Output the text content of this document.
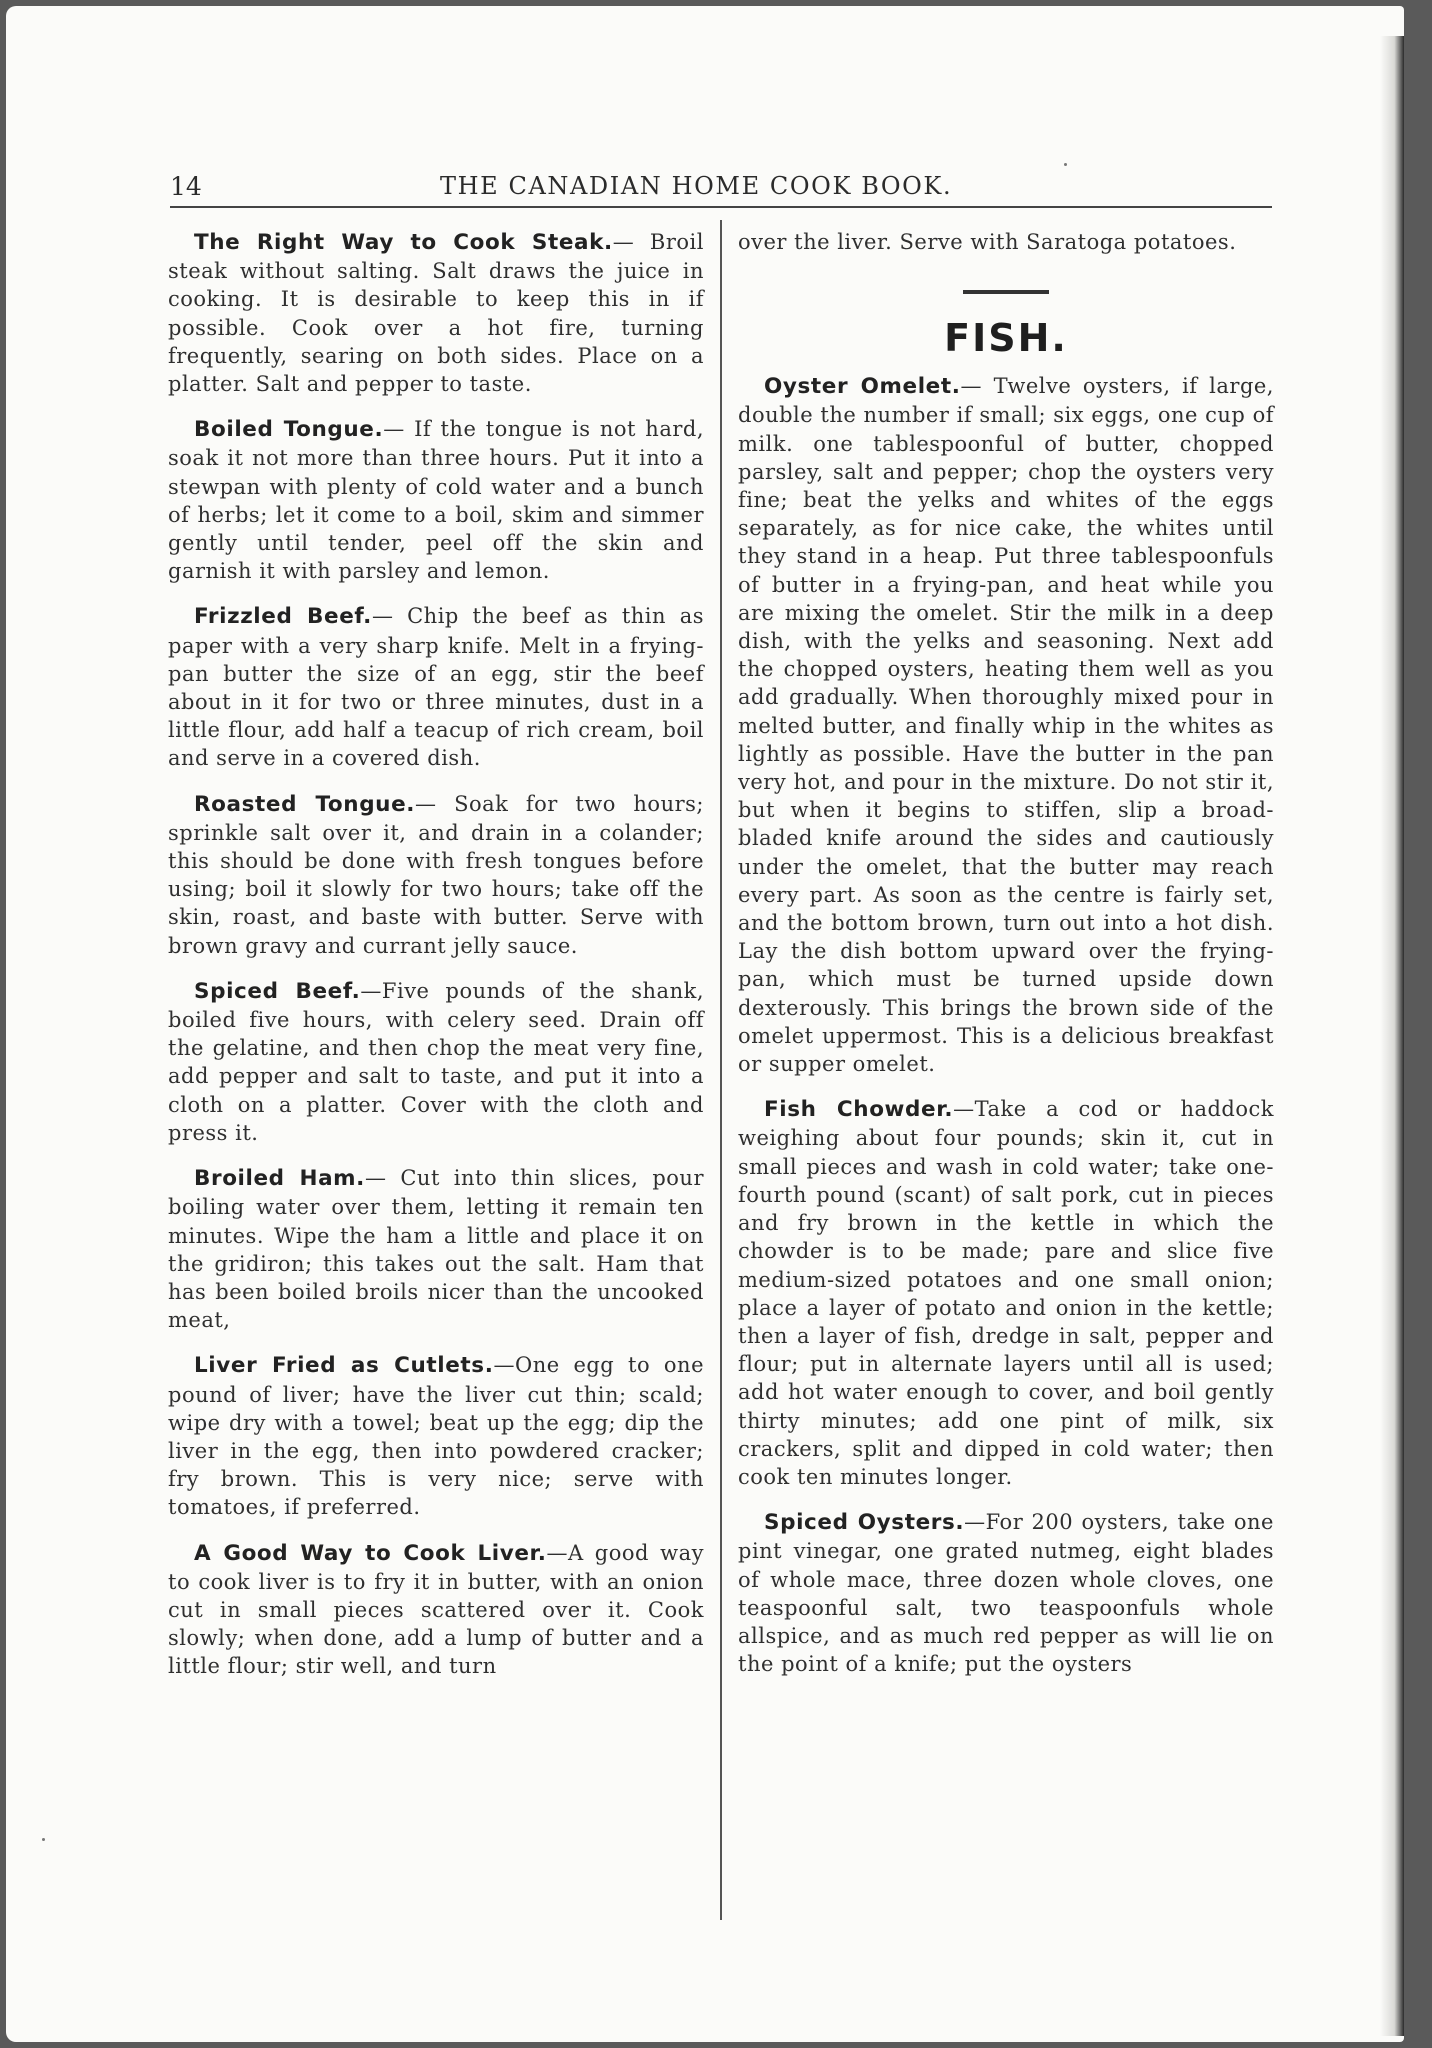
14	THE CANADIAN HOME COOK BOOK.

The Right Way to Cook Steak.— Broil steak without salting. Salt draws the juice in cooking. It is desirable to keep this in if possible. Cook over a hot fire, turning frequently, searing on both sides. Place on a platter. Salt and pepper to taste.

Boiled Tongue.— If the tongue is not hard, soak it not more than three hours. Put it into a stewpan with plenty of cold water and a bunch of herbs; let it come to a boil, skim and simmer gently until tender, peel off the skin and garnish it with parsley and lemon.

Frizzled Beef.— Chip the beef as thin as paper with a very sharp knife. Melt in a frying-pan butter the size of an egg, stir the beef about in it for two or three minutes, dust in a little flour, add half a teacup of rich cream, boil and serve in a covered dish.

Roasted Tongue.— Soak for two hours; sprinkle salt over it, and drain in a colander; this should be done with fresh tongues before using; boil it slowly for two hours; take off the skin, roast, and baste with butter. Serve with brown gravy and currant jelly sauce.

Spiced Beef.—Five pounds of the shank, boiled five hours, with celery seed. Drain off the gelatine, and then chop the meat very fine, add pepper and salt to taste, and put it into a cloth on a platter. Cover with the cloth and press it.

Broiled Ham.— Cut into thin slices, pour boiling water over them, letting it remain ten minutes. Wipe the ham a little and place it on the gridiron; this takes out the salt. Ham that has been boiled broils nicer than the uncooked meat,

Liver Fried as Cutlets.—One egg to one pound of liver; have the liver cut thin; scald; wipe dry with a towel; beat up the egg; dip the liver in the egg, then into powdered cracker; fry brown. This is very nice; serve with tomatoes, if preferred.

A Good Way to Cook Liver.—A good way to cook liver is to fry it in butter, with an onion cut in small pieces scattered over it. Cook slowly; when done, add a lump of butter and a little flour; stir well, and turn

over the liver. Serve with Saratoga potatoes.

FISH.

Oyster Omelet.— Twelve oysters, if large, double the number if small; six eggs, one cup of milk. one tablespoonful of butter, chopped parsley, salt and pepper; chop the oysters very fine; beat the yelks and whites of the eggs separately, as for nice cake, the whites until they stand in a heap. Put three tablespoonfuls of butter in a frying-pan, and heat while you are mixing the omelet. Stir the milk in a deep dish, with the yelks and seasoning. Next add the chopped oysters, heating them well as you add gradually. When thoroughly mixed pour in melted butter, and finally whip in the whites as lightly as possible. Have the butter in the pan very hot, and pour in the mixture. Do not stir it, but when it begins to stiffen, slip a broad-bladed knife around the sides and cautiously under the omelet, that the butter may reach every part. As soon as the centre is fairly set, and the bottom brown, turn out into a hot dish. Lay the dish bottom upward over the frying-pan, which must be turned upside down dexterously. This brings the brown side of the omelet uppermost. This is a delicious breakfast or supper omelet.

Fish Chowder.—Take a cod or haddock weighing about four pounds; skin it, cut in small pieces and wash in cold water; take one-fourth pound (scant) of salt pork, cut in pieces and fry brown in the kettle in which the chowder is to be made; pare and slice five medium-sized potatoes and one small onion; place a layer of potato and onion in the kettle; then a layer of fish, dredge in salt, pepper and flour; put in alternate layers until all is used; add hot water enough to cover, and boil gently thirty minutes; add one pint of milk, six crackers, split and dipped in cold water; then cook ten minutes longer.

Spiced Oysters.—For 200 oysters, take one pint vinegar, one grated nutmeg, eight blades of whole mace, three dozen whole cloves, one teaspoonful salt, two teaspoonfuls whole allspice, and as much red pepper as will lie on the point of a knife; put the oysters
